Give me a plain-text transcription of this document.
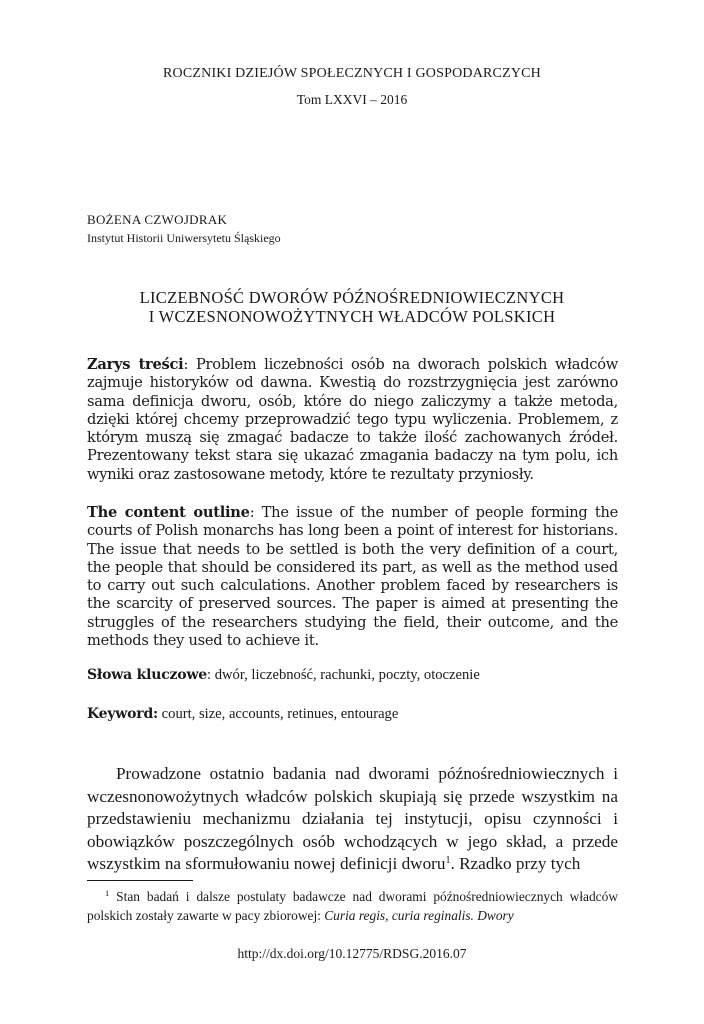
ROCZNIKI DZIEJÓW SPOŁECZNYCH I GOSPODARCZYCH

Tom LXXVI – 2016

BOŻENA CZWOJDRAK

Instytut Historii Uniwersytetu Śląskiego

LICZEBNOŚĆ DWORÓW PÓŹNOŚREDNIOWIECZNYCH
I WCZESNONOWOŻYTNYCH WŁADCÓW POLSKICH

Zarys treści: Problem liczebności osób na dworach polskich władców zajmuje historyków od dawna. Kwestią do rozstrzygnięcia jest zarówno sama definicja dworu, osób, które do niego zaliczymy a także metoda, dzięki której chcemy przeprowadzić tego typu wyliczenia. Problemem, z którym muszą się zmagać badacze to także ilość zachowanych źródeł. Prezentowany tekst stara się ukazać zmagania badaczy na tym polu, ich wyniki oraz zastosowane metody, które te rezultaty przyniosły.

The content outline: The issue of the number of people forming the courts of Polish monarchs has long been a point of interest for historians. The issue that needs to be settled is both the very definition of a court, the people that should be considered its part, as well as the method used to carry out such calculations. Another problem faced by researchers is the scarcity of preserved sources. The paper is aimed at presenting the struggles of the researchers studying the field, their outcome, and the methods they used to achieve it.

Słowa kluczowe: dwór, liczebność, rachunki, poczty, otoczenie

Keyword: court, size, accounts, retinues, entourage

Prowadzone ostatnio badania nad dworami późnośredniowiecznych i wczesnonowożytnych władców polskich skupiają się przede wszystkim na przedstawieniu mechanizmu działania tej instytucji, opisu czynności i obowiązków poszczególnych osób wchodzących w jego skład, a przede wszystkim na sformułowaniu nowej definicji dworu$^1$. Rzadko przy tych

$^1$ Stan badań i dalsze postulaty badawcze nad dworami późnośredniowiecznych władców polskich zostały zawarte w pacy zbiorowej: Curia regis, curia reginalis. Dwory

http://dx.doi.org/10.12775/RDSG.2016.07
